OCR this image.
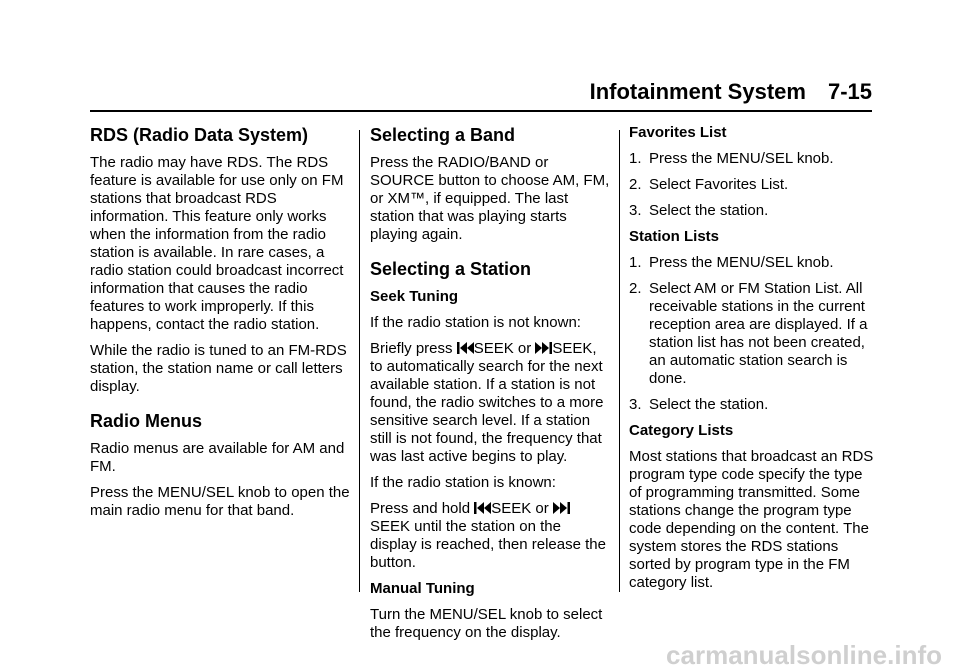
Infotainment System 7-15
RDS (Radio Data System)

The radio may have RDS. The RDS feature is available for use only on FM stations that broadcast RDS information. This feature only works when the information from the radio station is available. In rare cases, a radio station could broadcast incorrect information that causes the radio features to work improperly. If this happens, contact the radio station.

While the radio is tuned to an FM-RDS station, the station name or call letters display.

Radio Menus

Radio menus are available for AM and FM.

Press the MENU/SEL knob to open the main radio menu for that band.

Selecting a Band

Press the RADIO/BAND or SOURCE button to choose AM, FM, or XM™, if equipped. The last station that was playing starts playing again.

Selecting a Station
Seek Tuning

If the radio station is not known:

Briefly press SEEK or SEEK, to automatically search for the next available station. If a station is not found, the radio switches to a more sensitive search level. If a station still is not found, the frequency that was last active begins to play.

If the radio station is known:

Press and hold SEEK or
SEEK until the station on the display is reached, then release the button.

Manual Tuning

Turn the MENU/SEL knob to select the frequency on the display.

Favorites List
1. Press the MENU/SEL knob.
2. Select Favorites List.
3. Select the station.
Station Lists
1. Press the MENU/SEL knob.
2. Select AM or FM Station List. All receivable stations in the current reception area are displayed. If a station list has not been created, an automatic station search is done.
3. Select the station.
Category Lists

Most stations that broadcast an RDS program type code specify the type of programming transmitted. Some stations change the program type code depending on the content. The system stores the RDS stations sorted by program type in the FM category list.

carmanualsonline.info
